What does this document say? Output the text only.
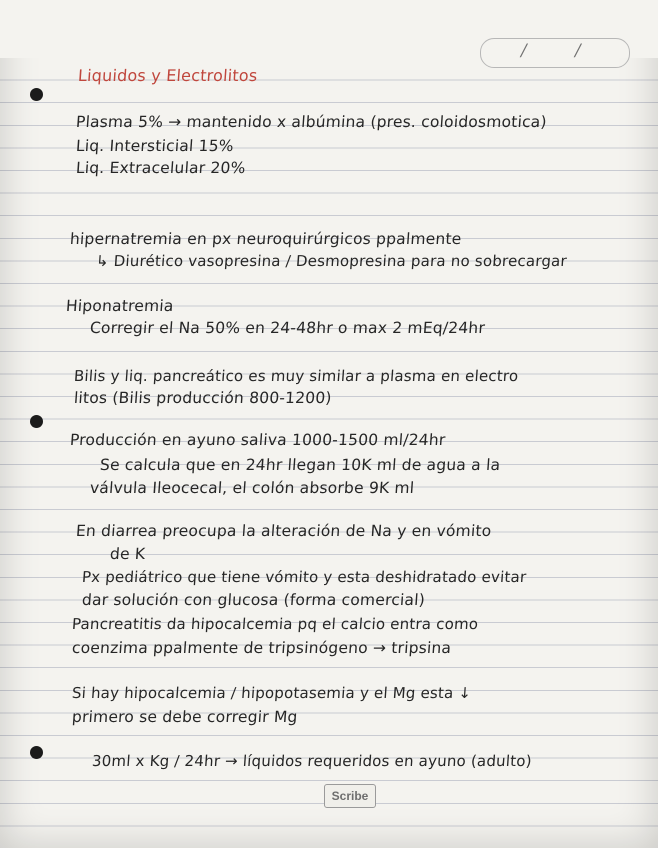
/	/

Liquidos y Electrolitos

Plasma 5% → mantenido x albúmina (pres. coloidosmotica)

Liq. Intersticial 15%

Liq. Extracelular 20%

hipernatremia en px neuroquirúrgicos ppalmente

↳ Diurético vasopresina / Desmopresina para no sobrecargar

Hiponatremia

Corregir el Na 50% en 24-48hr o max 2 mEq/24hr

Bilis y liq. pancreático es muy similar a plasma en electro

litos (Bilis producción 800-1200)

Producción en ayuno saliva 1000-1500 ml/24hr

Se calcula que en 24hr llegan 10K ml de agua a la

válvula Ileocecal, el colón absorbe 9K ml

En diarrea preocupa la alteración de Na y en vómito

de K

Px pediátrico que tiene vómito y esta deshidratado evitar

dar solución con glucosa (forma comercial)

Pancreatitis da hipocalcemia pq el calcio entra como

coenzima ppalmente de tripsinógeno → tripsina

Si hay hipocalcemia / hipopotasemia y el Mg esta ↓

primero se debe corregir Mg

30ml x Kg / 24hr → líquidos requeridos en ayuno (adulto)

Scribe
